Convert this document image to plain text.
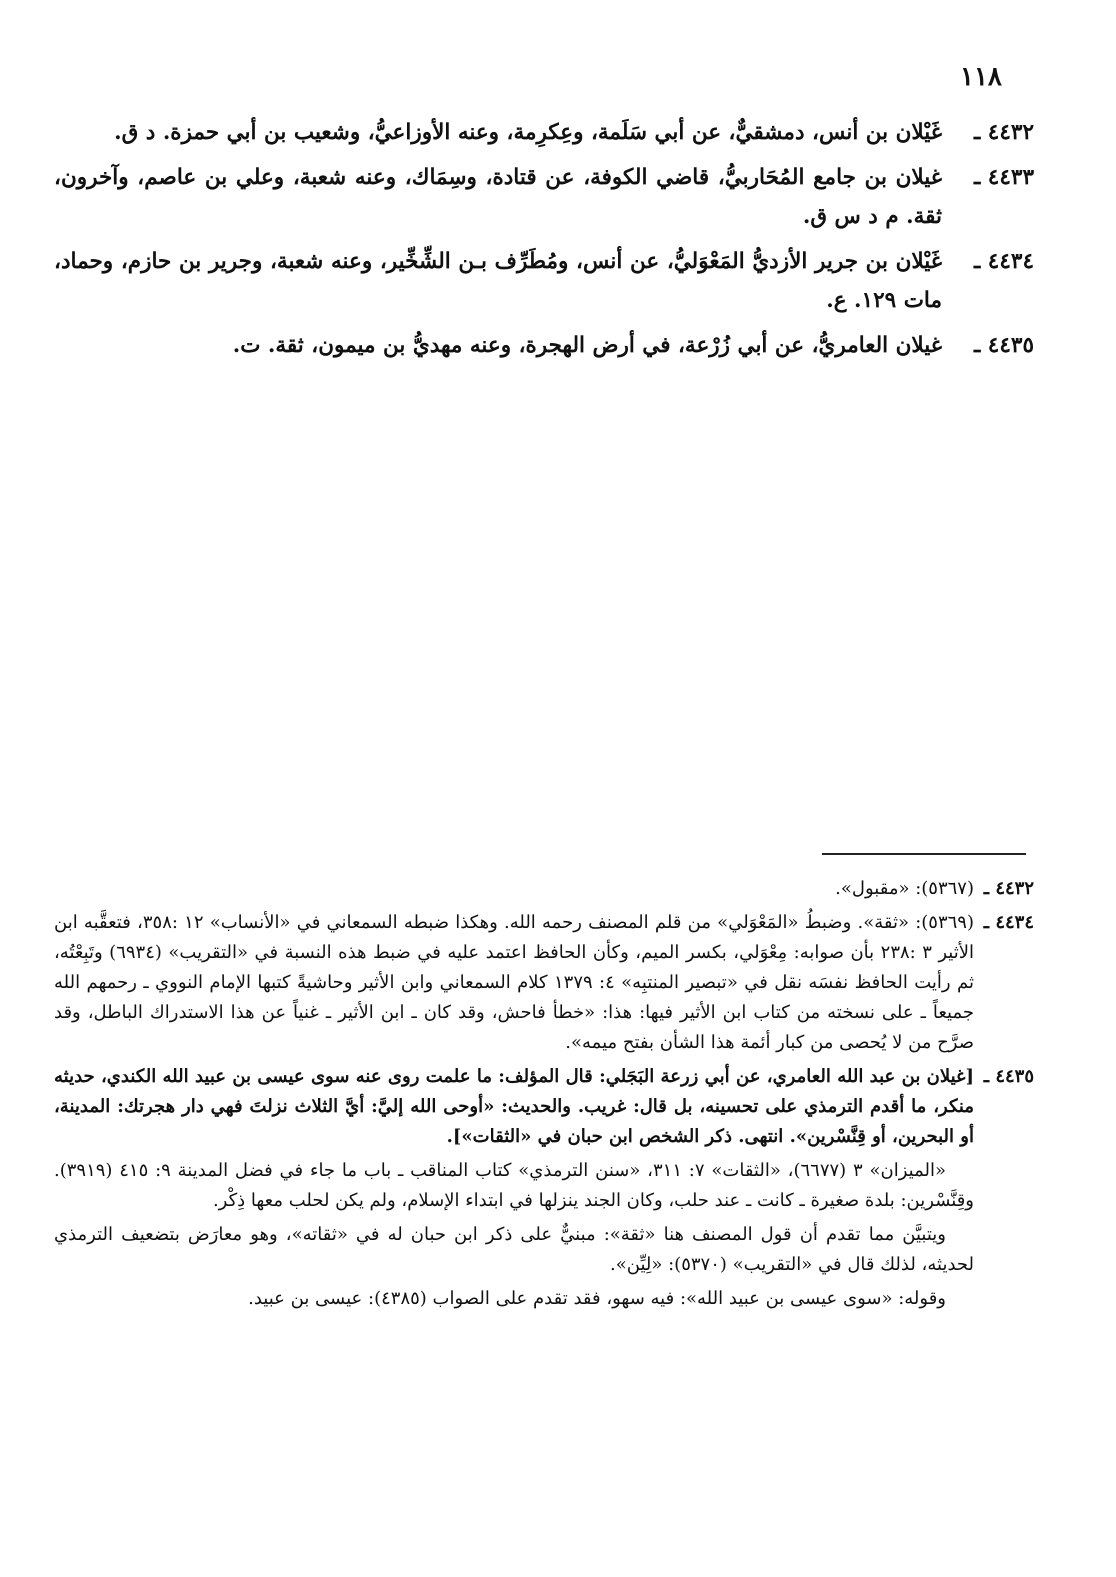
١١٨
٤٤٣٢ ـ
غَيْلان بن أنس، دمشقيٌّ، عن أبي سَلَمة، وعِكرِمة، وعنه الأوزاعيُّ، وشعيب بن أبي حمزة. د ق.
٤٤٣٣ ـ
غيلان بن جامع المُحَاربيُّ، قاضي الكوفة، عن قتادة، وسِمَاك، وعنه شعبة، وعلي بن عاصم، وآخرون، ثقة. م د س ق.
٤٤٣٤ ـ
غَيْلان بن جرير الأزديُّ المَعْوَليُّ، عن أنس، ومُطَرِّف بـن الشِّخِّير، وعنه شعبة، وجرير بن حازم، وحماد، مات ١٢٩. ع.
٤٤٣٥ ـ
غيلان العامريُّ، عن أبي زُرْعة، في أرض الهجرة، وعنه مهديُّ بن ميمون، ثقة. ت.
٤٤٣٢ ـ
(٥٣٦٧): «مقبول».
٤٤٣٤ ـ
(٥٣٦٩): «ثقة». وضبطُ «المَعْوَلي» من قلم المصنف رحمه الله. وهكذا ضبطه السمعاني في «الأنساب» ١٢ :٣٥٨، فتعقَّبه ابن الأثير ٣ :٢٣٨ بأن صوابه: مِعْوَلي، بكسر الميم، وكأن الحافظ اعتمد عليه في ضبط هذه النسبة في «التقريب» (٦٩٣٤) وتَبِعْتُه، ثم رأيت الحافظ نفسَه نقل في «تبصير المنتبِه» ٤: ١٣٧٩ كلام السمعاني وابن الأثير وحاشيةً كتبها الإمام النووي ـ رحمهم الله جميعاً ـ على نسخته من كتاب ابن الأثير فيها: هذا: «خطأ فاحش، وقد كان ـ ابن الأثير ـ غنياً عن هذا الاستدراك الباطل، وقد صرَّح من لا يُحصى من كبار أئمة هذا الشأن بفتح ميمه».
٤٤٣٥ ـ
[غيلان بن عبد الله العامري، عن أبي زرعة البَجَلي: قال المؤلف: ما علمت روى عنه سوى عيسى بن عبيد الله الكندي، حديثه منكر، ما أقدم الترمذي على تحسينه، بل قال: غريب. والحديث: «أوحى الله إليَّ: أيَّ الثلاث نزلتَ فهي دار هجرتك: المدينة، أو البحرين، أو قِنَّسْرين». انتهى. ذكر الشخص ابن حبان في «الثقات»].
«الميزان» ٣ (٦٦٧٧)، «الثقات» ٧: ٣١١، «سنن الترمذي» كتاب المناقب ـ باب ما جاء في فضل المدينة ٩: ٤١٥ (٣٩١٩). وقِنَّسْرين: بلدة صغيرة ـ كانت ـ عند حلب، وكان الجند ينزلها في ابتداء الإسلام، ولم يكن لحلب معها ذِكْر.
ويتبيَّن مما تقدم أن قول المصنف هنا «ثقة»: مبنيٌّ على ذكر ابن حبان له في «ثقاته»، وهو معارَض بتضعيف الترمذي لحديثه، لذلك قال في «التقريب» (٥٣٧٠): «لِيِّن».
وقوله: «سوى عيسى بن عبيد الله»: فيه سهو، فقد تقدم على الصواب (٤٣٨٥): عيسى بن عبيد.
